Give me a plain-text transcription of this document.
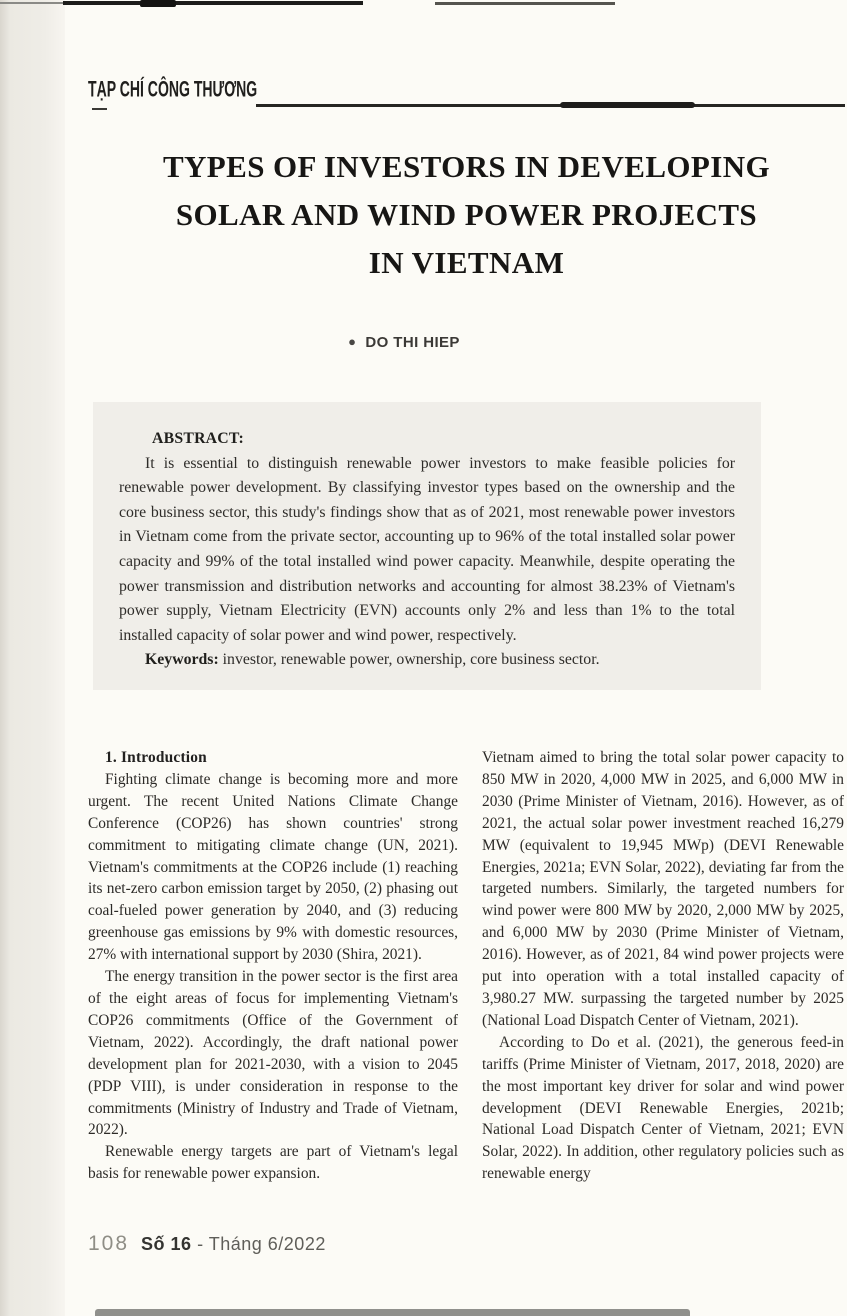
TẠP CHÍ CÔNG THƯƠNG
TYPES OF INVESTORS IN DEVELOPING
SOLAR AND WIND POWER PROJECTS
IN VIETNAM
● DO THI HIEP

ABSTRACT:

It is essential to distinguish renewable power investors to make feasible policies for renewable power development. By classifying investor types based on the ownership and the core business sector, this study's findings show that as of 2021, most renewable power investors in Vietnam come from the private sector, accounting up to 96% of the total installed solar power capacity and 99% of the total installed wind power capacity. Meanwhile, despite operating the power transmission and distribution networks and accounting for almost 38.23% of Vietnam's power supply, Vietnam Electricity (EVN) accounts only 2% and less than 1% to the total installed capacity of solar power and wind power, respectively.

Keywords: investor, renewable power, ownership, core business sector.

1. Introduction

Fighting climate change is becoming more and more urgent. The recent United Nations Climate Change Conference (COP26) has shown countries' strong commitment to mitigating climate change (UN, 2021). Vietnam's commitments at the COP26 include (1) reaching its net-zero carbon emission target by 2050, (2) phasing out coal-fueled power generation by 2040, and (3) reducing greenhouse gas emissions by 9% with domestic resources, 27% with international support by 2030 (Shira, 2021).

The energy transition in the power sector is the first area of the eight areas of focus for implementing Vietnam's COP26 commitments (Office of the Government of Vietnam, 2022). Accordingly, the draft national power development plan for 2021-2030, with a vision to 2045 (PDP VIII), is under consideration in response to the commitments (Ministry of Industry and Trade of Vietnam, 2022).

Renewable energy targets are part of Vietnam's legal basis for renewable power expansion.

Vietnam aimed to bring the total solar power capacity to 850 MW in 2020, 4,000 MW in 2025, and 6,000 MW in 2030 (Prime Minister of Vietnam, 2016). However, as of 2021, the actual solar power investment reached 16,279 MW (equivalent to 19,945 MWp) (DEVI Renewable Energies, 2021a; EVN Solar, 2022), deviating far from the targeted numbers. Similarly, the targeted numbers for wind power were 800 MW by 2020, 2,000 MW by 2025, and 6,000 MW by 2030 (Prime Minister of Vietnam, 2016). However, as of 2021, 84 wind power projects were put into operation with a total installed capacity of 3,980.27 MW. surpassing the targeted number by 2025 (National Load Dispatch Center of Vietnam, 2021).

According to Do et al. (2021), the generous feed-in tariffs (Prime Minister of Vietnam, 2017, 2018, 2020) are the most important key driver for solar and wind power development (DEVI Renewable Energies, 2021b; National Load Dispatch Center of Vietnam, 2021; EVN Solar, 2022). In addition, other regulatory policies such as renewable energy

108 Số 16 - Tháng 6/2022
